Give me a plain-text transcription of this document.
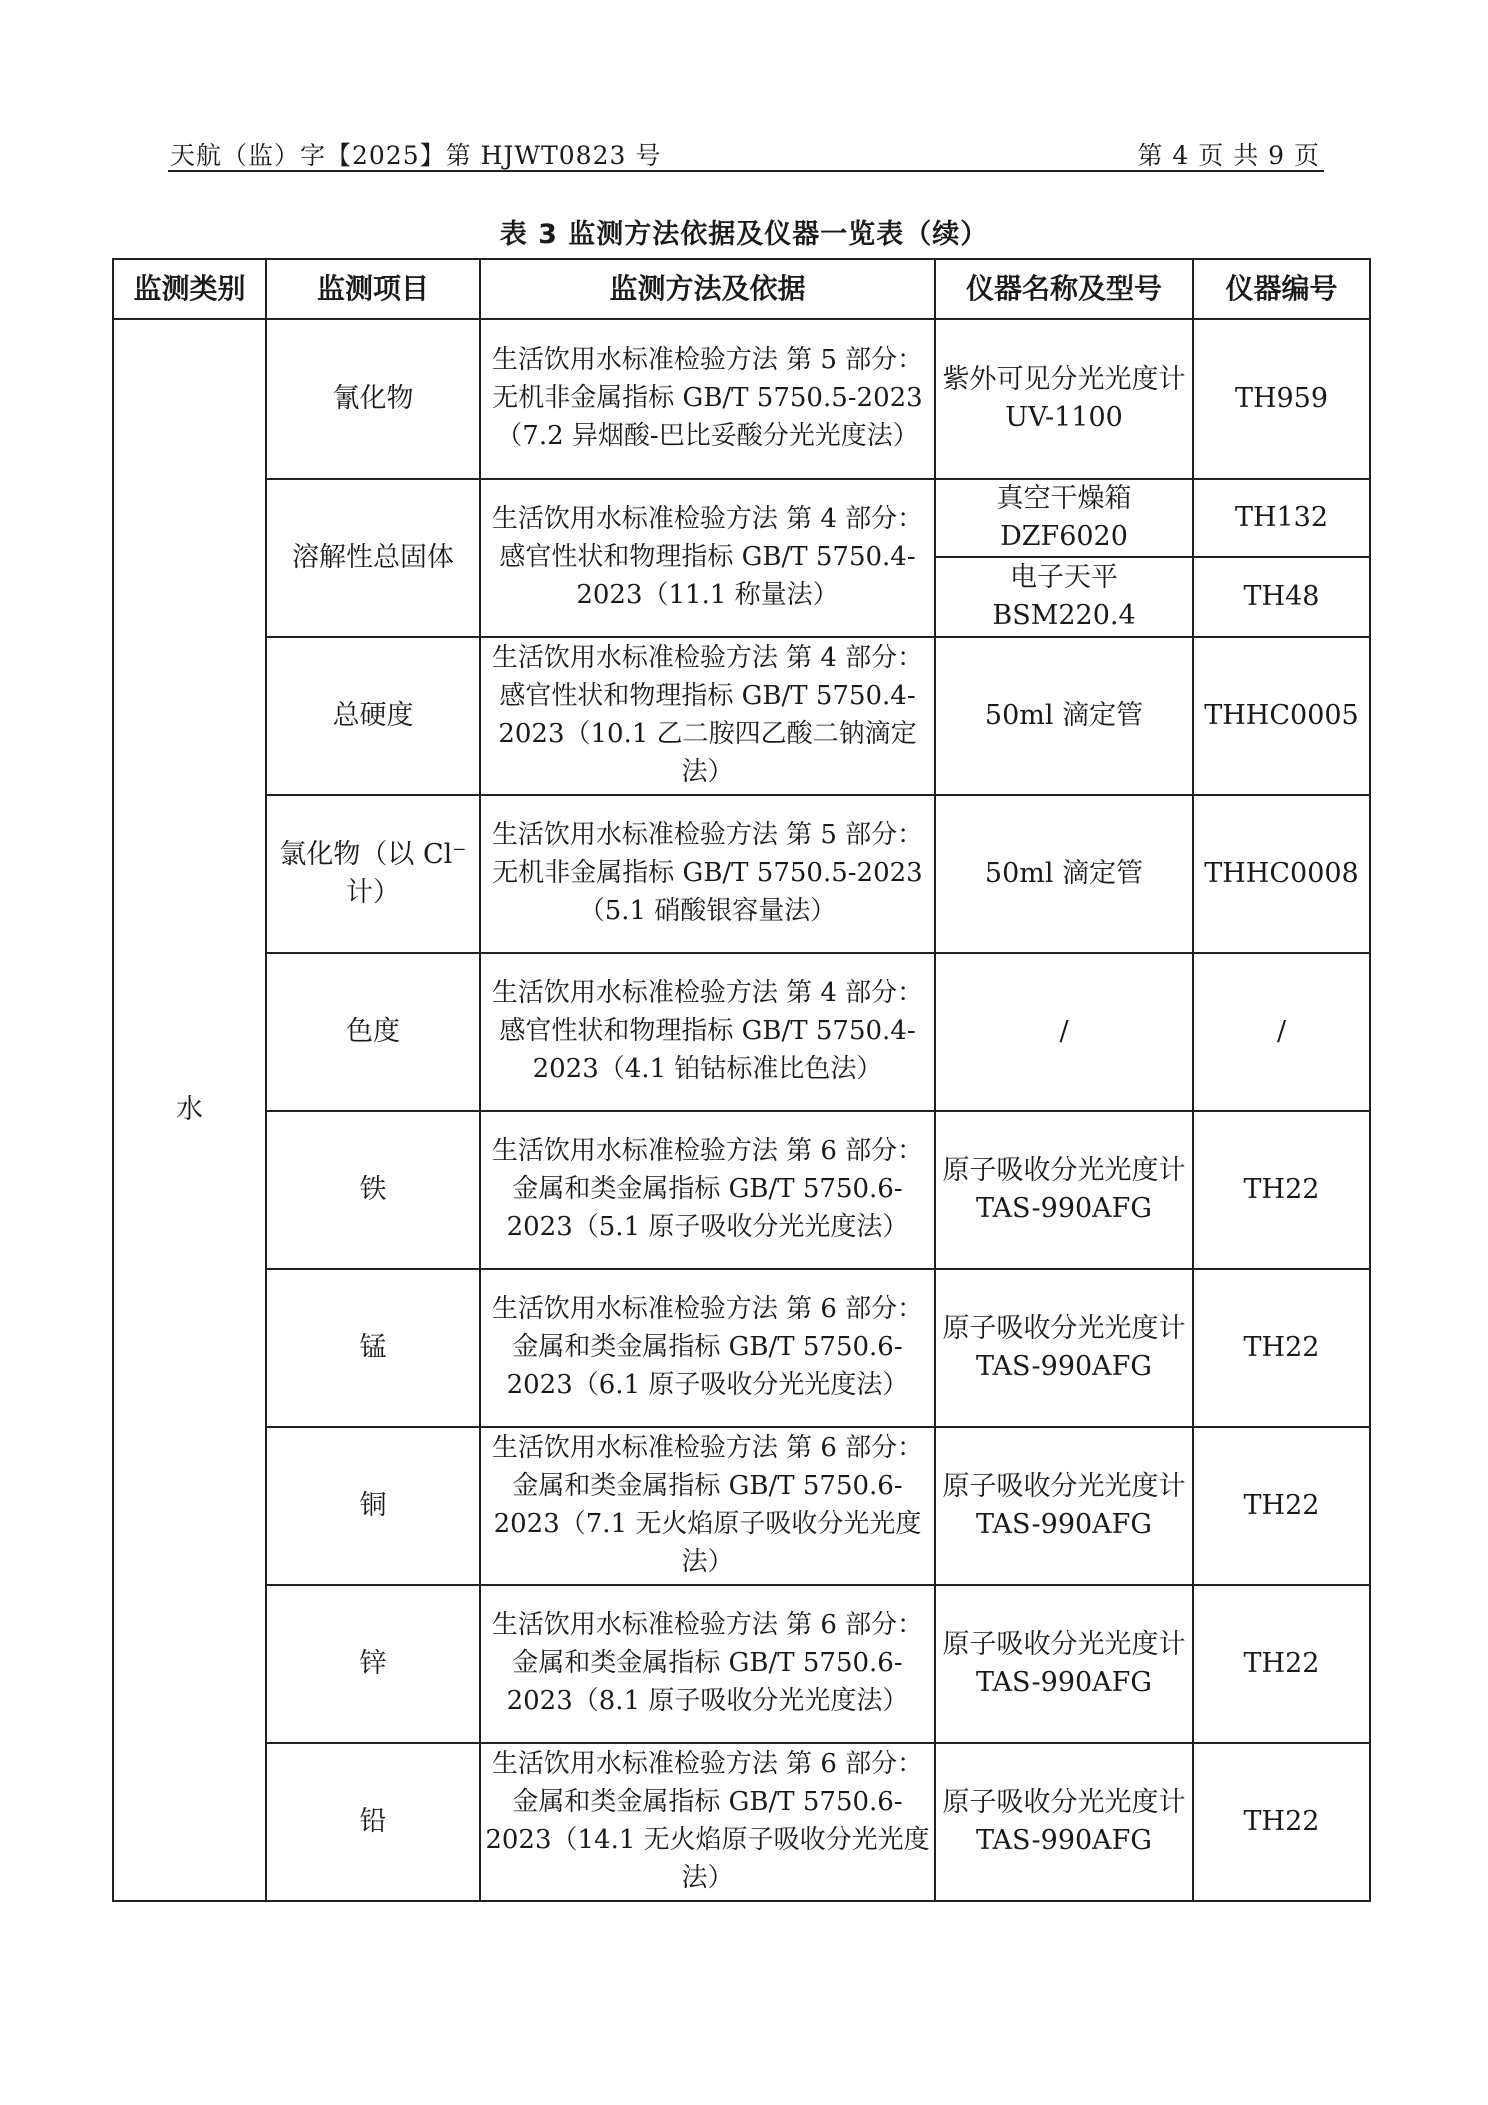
天航（监）字【2025】第 HJWT0823 号	第 4 页 共 9 页
表 3 监测方法依据及仪器一览表（续）
监测类别	监测项目	监测方法及依据	仪器名称及型号	仪器编号
水	氰化物	生活饮用水标准检验方法 第 5 部分：无机非金属指标 GB/T 5750.5-2023（7.2 异烟酸-巴比妥酸分光光度法）	紫外可见分光光度计 UV-1100	TH959
	溶解性总固体	生活饮用水标准检验方法 第 4 部分：感官性状和物理指标 GB/T 5750.4-2023（11.1 称量法）	真空干燥箱 DZF6020	TH132
			电子天平 BSM220.4	TH48
	总硬度	生活饮用水标准检验方法 第 4 部分：感官性状和物理指标 GB/T 5750.4-2023（10.1 乙二胺四乙酸二钠滴定法）	50ml 滴定管	THHC0005
	氯化物（以 Cl⁻计）	生活饮用水标准检验方法 第 5 部分：无机非金属指标 GB/T 5750.5-2023（5.1 硝酸银容量法）	50ml 滴定管	THHC0008
	色度	生活饮用水标准检验方法 第 4 部分：感官性状和物理指标 GB/T 5750.4-2023（4.1 铂钴标准比色法）	/	/
	铁	生活饮用水标准检验方法 第 6 部分：金属和类金属指标 GB/T 5750.6-2023（5.1 原子吸收分光光度法）	原子吸收分光光度计 TAS-990AFG	TH22
	锰	生活饮用水标准检验方法 第 6 部分：金属和类金属指标 GB/T 5750.6-2023（6.1 原子吸收分光光度法）	原子吸收分光光度计 TAS-990AFG	TH22
	铜	生活饮用水标准检验方法 第 6 部分：金属和类金属指标 GB/T 5750.6-2023（7.1 无火焰原子吸收分光光度法）	原子吸收分光光度计 TAS-990AFG	TH22
	锌	生活饮用水标准检验方法 第 6 部分：金属和类金属指标 GB/T 5750.6-2023（8.1 原子吸收分光光度法）	原子吸收分光光度计 TAS-990AFG	TH22
	铅	生活饮用水标准检验方法 第 6 部分：金属和类金属指标 GB/T 5750.6-2023（14.1 无火焰原子吸收分光光度法）	原子吸收分光光度计 TAS-990AFG	TH22
